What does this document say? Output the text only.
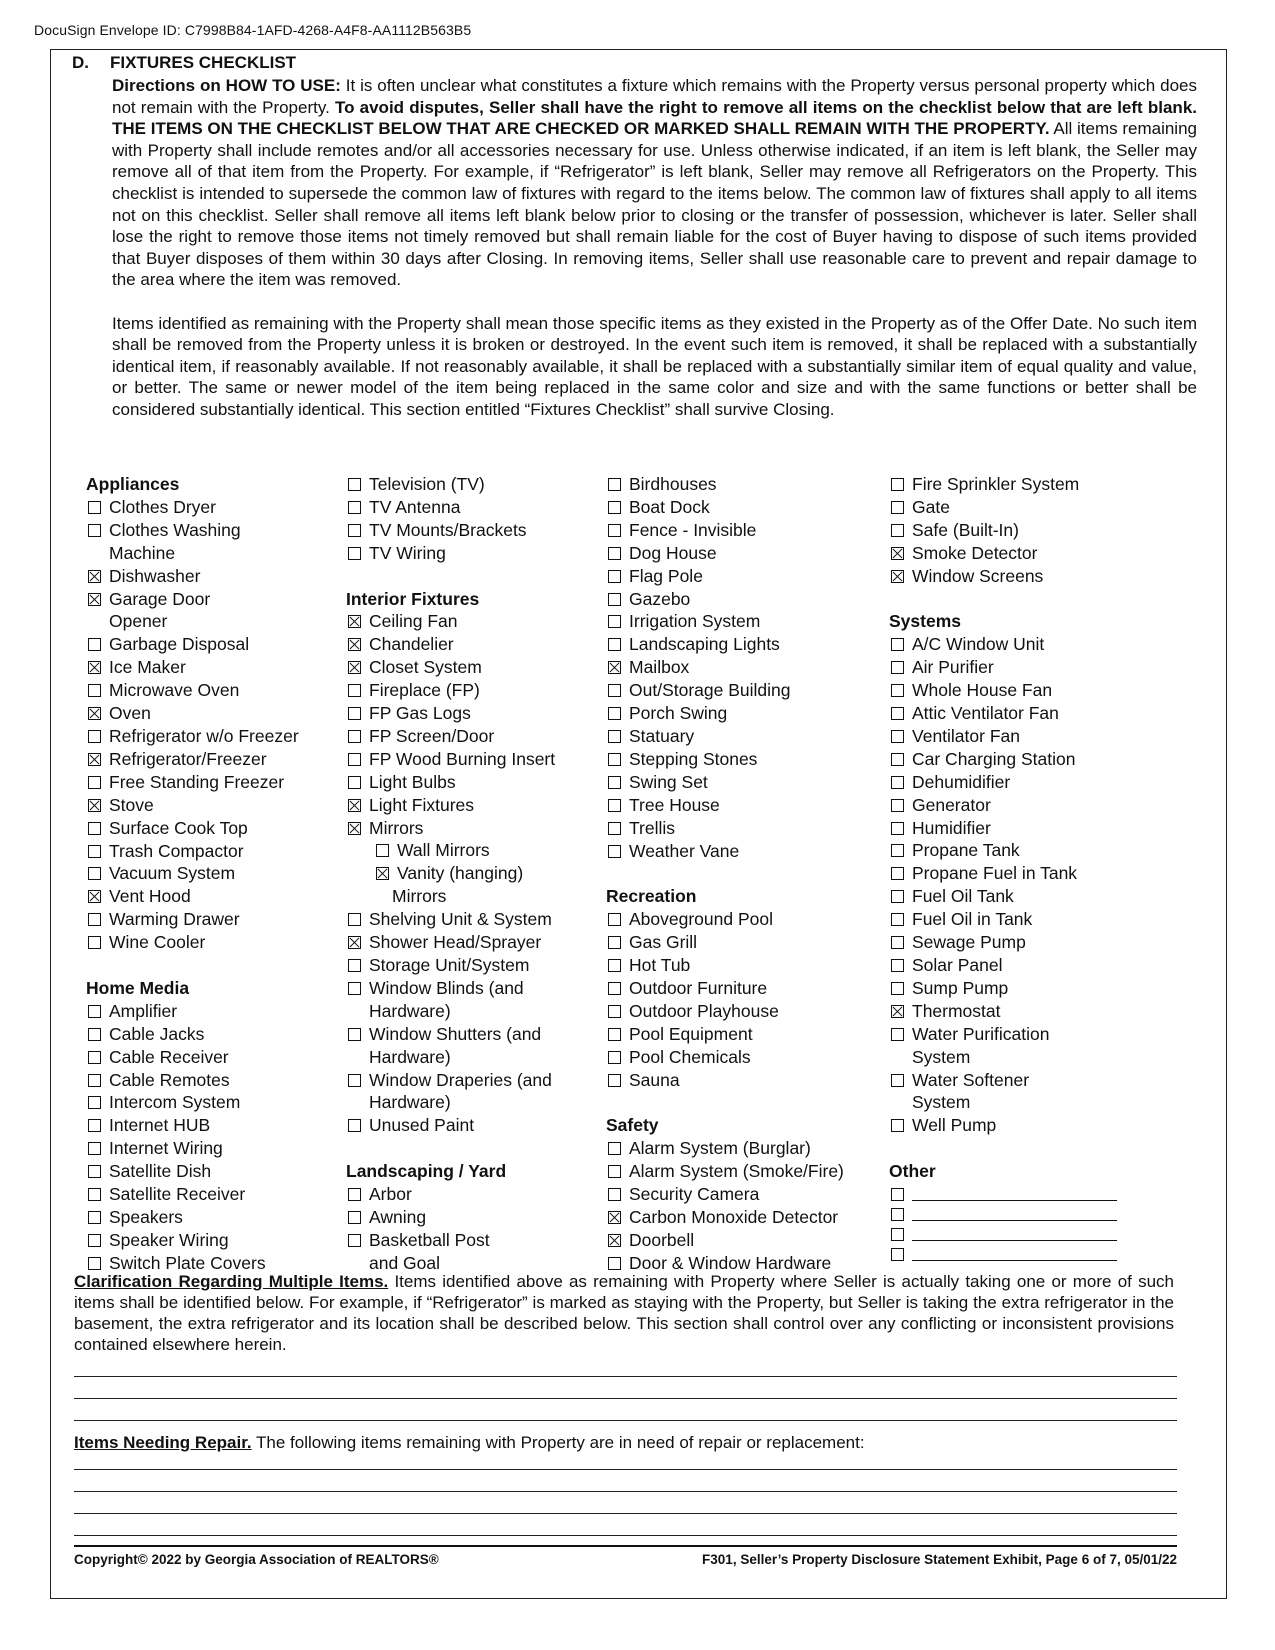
DocuSign Envelope ID: C7998B84-1AFD-4268-A4F8-AA1112B563B5
D. FIXTURES CHECKLIST

Directions on HOW TO USE: It is often unclear what constitutes a fixture which remains with the Property versus personal property which does not remain with the Property. To avoid disputes, Seller shall have the right to remove all items on the checklist below that are left blank. THE ITEMS ON THE CHECKLIST BELOW THAT ARE CHECKED OR MARKED SHALL REMAIN WITH THE PROPERTY. All items remaining with Property shall include remotes and/or all accessories necessary for use. Unless otherwise indicated, if an item is left blank, the Seller may remove all of that item from the Property. For example, if “Refrigerator” is left blank, Seller may remove all Refrigerators on the Property. This checklist is intended to supersede the common law of fixtures with regard to the items below. The common law of fixtures shall apply to all items not on this checklist. Seller shall remove all items left blank below prior to closing or the transfer of possession, whichever is later. Seller shall lose the right to remove those items not timely removed but shall remain liable for the cost of Buyer having to dispose of such items provided that Buyer disposes of them within 30 days after Closing. In removing items, Seller shall use reasonable care to prevent and repair damage to the area where the item was removed.

Items identified as remaining with the Property shall mean those specific items as they existed in the Property as of the Offer Date. No such item shall be removed from the Property unless it is broken or destroyed. In the event such item is removed, it shall be replaced with a substantially identical item, if reasonably available. If not reasonably available, it shall be replaced with a substantially similar item of equal quality and value, or better. The same or newer model of the item being replaced in the same color and size and with the same functions or better shall be considered substantially identical. This section entitled “Fixtures Checklist” shall survive Closing.

Appliances
Clothes Dryer
Clothes Washing
Machine
Dishwasher
Garage Door
Opener
Garbage Disposal
Ice Maker
Microwave Oven
Oven
Refrigerator w/o Freezer
Refrigerator/Freezer
Free Standing Freezer
Stove
Surface Cook Top
Trash Compactor
Vacuum System
Vent Hood
Warming Drawer
Wine Cooler
Home Media
Amplifier
Cable Jacks
Cable Receiver
Cable Remotes
Intercom System
Internet HUB
Internet Wiring
Satellite Dish
Satellite Receiver
Speakers
Speaker Wiring
Switch Plate Covers
Television (TV)
TV Antenna
TV Mounts/Brackets
TV Wiring
Interior Fixtures
Ceiling Fan
Chandelier
Closet System
Fireplace (FP)
FP Gas Logs
FP Screen/Door
FP Wood Burning Insert
Light Bulbs
Light Fixtures
Mirrors
Wall Mirrors
Vanity (hanging)
Mirrors
Shelving Unit & System
Shower Head/Sprayer
Storage Unit/System
Window Blinds (and
Hardware)
Window Shutters (and
Hardware)
Window Draperies (and
Hardware)
Unused Paint
Landscaping / Yard
Arbor
Awning
Basketball Post
and Goal
Birdhouses
Boat Dock
Fence - Invisible
Dog House
Flag Pole
Gazebo
Irrigation System
Landscaping Lights
Mailbox
Out/Storage Building
Porch Swing
Statuary
Stepping Stones
Swing Set
Tree House
Trellis
Weather Vane
Recreation
Aboveground Pool
Gas Grill
Hot Tub
Outdoor Furniture
Outdoor Playhouse
Pool Equipment
Pool Chemicals
Sauna
Safety
Alarm System (Burglar)
Alarm System (Smoke/Fire)
Security Camera
Carbon Monoxide Detector
Doorbell
Door & Window Hardware
Fire Sprinkler System
Gate
Safe (Built-In)
Smoke Detector
Window Screens
Systems
A/C Window Unit
Air Purifier
Whole House Fan
Attic Ventilator Fan
Ventilator Fan
Car Charging Station
Dehumidifier
Generator
Humidifier
Propane Tank
Propane Fuel in Tank
Fuel Oil Tank
Fuel Oil in Tank
Sewage Pump
Solar Panel
Sump Pump
Thermostat
Water Purification
System
Water Softener
System
Well Pump
Other
Clarification Regarding Multiple Items. Items identified above as remaining with Property where Seller is actually taking one or more of such items shall be identified below. For example, if “Refrigerator” is marked as staying with the Property, but Seller is taking the extra refrigerator in the basement, the extra refrigerator and its location shall be described below. This section shall control over any conflicting or inconsistent provisions contained elsewhere herein.
Items Needing Repair. The following items remaining with Property are in need of repair or replacement:
Copyright© 2022 by Georgia Association of REALTORS®	F301, Seller’s Property Disclosure Statement Exhibit, Page 6 of 7, 05/01/22
